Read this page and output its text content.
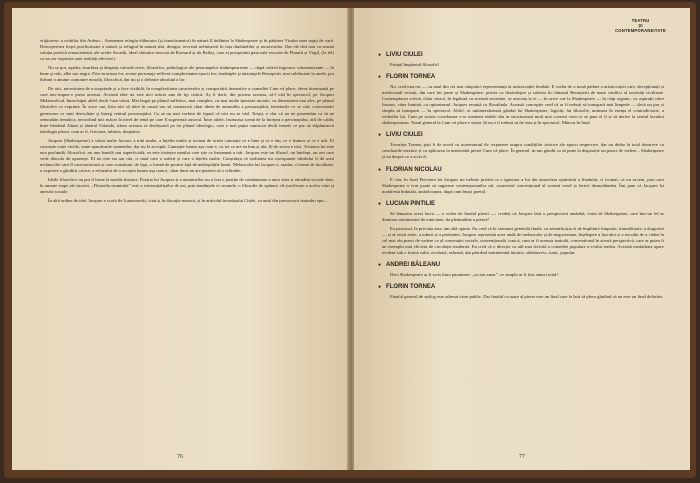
vrăjitoresc a codrilor din Ardeni... Asemenea refugiu eliberator (și transformator) în natură îl întâlnim la Shakespeare și în pădurea Visului unei nopți de vară. Descoperirea forței purificatoare a naturii și refugiul în natură sînt, desigur, reversul nelinișterii în fața rânduielilor și moravurilor. Dar ele sînt mai cu seamă soluția poetică renascentistă, ale acelei Arcadii, ideal stăruitor invocat de Ronsard și du Bellay, care ai prospețimi pastorale evocate de Plutarh și Virgil, (la fel) ca un zor expresia unei realități efective).

Nu se pot, aşadar, ierarhiza şi despărţi valorile etice, filozofice, psihologice ale personajelor shakespeareene — după criterii îngroase, schematizante — în bune şi rele, albe sau negre. Prin structura lor, aceste personaje reflectă complexitatea epocii lor; tendinţele şi năzuinţele Renaşterii, mai sublimiate la unele, pot înfrunt o anume conturare morală, filozofică, dar nu şi o definire absolută a lor.

De aici, necesitatea de a surprinde și a face vizibilă, în complexitatea caracterelor și comportării dramatice a comediei Cum vă place, ideea dominantă pe care neo-impus-o piesa aceasta. Această idee nu este nici măcar una de tip critică. Aș fi dorit, din pricina aceasta, să-l văd în spectacol, pe Jacques Melancolicul, întruchipat altfel decât l-am văzut. Mai bogat pe planul sufletesc, mai complex, cu mai multe ipostaze morale, cu dimensiuni mai ales, pe planul filozofiei ce exprimă. În orice caz, lista nici să intre în cauză sau să contrazică chiar ideea de ansamblu a personajului, temeiurile ce se văd, concretizări generoase ce sunt dezvoltate și întreg centrul personajului. Ca să nu mai vorbim de faptul că nici nu se văd. Totuși, e clar că nu ne prezentăm ca să ne semnalăm tematica, neocolind nici măcar la nivel de temă pe care îl sugerează autorul. Între altele, frumoasa scenă de la început a personajului, atît de caldă, între bătrânul Adam și tânărul Orlando, ideea aceasta se desfășoară pe tot planul ideologic, care e mai puțin cunoscut decât temele ce par să stăpânească ideologia piesei, cum ar fi, fericirea, iubirea, dreptatea.

Jacques (Shakespeare) a văzut multe lucruri, a trăit multe, a înțeles multe și tocmai de aceea cunoaște ce e bine și ce e rău, ce e frumos și ce e urît. El cunoaște toate viciile, toate apucăturile oamenilor, dar nu le acceptă. Cunoaște lumea așa cum e, cu tot ce are ea bun și rău. Și de aceea e trist. Tristețea lui este una profundă, filozofică, nu una banală sau superficială; ea este tristețea omului care știe ce înseamnă a trăi. Jacques este un filozof, un înțelept, un om care vede dincolo de aparențe. El nu este un om rău, ci unul care a suferit și care a înțeles multe. Conștiința că realitatea nu corespunde idealului îi dă acea melancolie care îl caracterizează și care constituie, de fapt, o formă de protest față de nedreptățile lumii. Melancolia lui Jacques e, așadar, o formă de luciditate, o expresie a gândirii critice, a refuzului de a accepta lumea așa cum e, chiar dacă nu are puterea să o schimbe.

Ideile filozofice nu pot fi lesne la modul abstract. Poziția lui Jacques și a umanistilor nu a fost o poziție de condamnare a unor stări și atitudini sociale date, în anume etape ale istoriei. „Filozofia neantului” este a existențialiștilor de azi, prin tendințele ei secunde, o filozofie de apărare, de justificare a acelor stări și anexări sociale.

În altă ordine de idei, Jacques e scotit de Lunacearski, citat și în discuția noastră, și în articolul tovarășului Ciulei, ca unul din precursorii teatrului epic...

76
TEATRU
ȘI
CONTEMPORANEITATE
● LIVIU CIULEI

Prințul împăratul filozofic!.

● FLORIN TORNEA

Nu, cred mai rar — cu unul din cei mai simpatici reprezentanți ai aristocrației feudale. E vorba de o nouă pădure a aristocrației care, decepționați și intelectuali versați, din care fac parte și Shakespeare, privea cu desăvârșire și suferea în climatul Renașterii de mare conflict al societăți civilizate. Contemplarea critică, chiar cinică, în legătură cu această societate, se asociau la ei — în orice caz la Shakespeare — în chip organic, cu aspirații către frumos, către lumină, cu optimismul. Jacques reuniță cu Rosalinda. Această concepție cred că ar fi trebuit să transpară mai limpede — dacă nu pur și simplu să transpară — în spectacol. Altfel, se unilateralizează gândul lui Shakespeare, logiciți, lui filozofie, uniteaza în esența el contradictorie, a vederilor lui. Cum pe aceste coordonate s-ar asemeni etalele din ar structurează mult mai coerent ceea ce se pare el fi și să derive la sensul textului shakespearean. Tonul general la Cum vă place e senin. Și nu e fi trebuit să fie asta și în spectacol. Mărcur în final.

● LIVIU CIULEI

Tovarășe Tornea, poți fi de acord cu interesantul dv. expunere asupra condițiilor istorice ale epocii respective, dar nu dedar la total deoarece cu concluziile estetice și cu aplicarea la materialul piesei Cum vă place. În general, m-am gândit ca să pune la dispoziție un punct de vedere... Shakespeare și nu despre ce a scris el.

● FLORIAN NICOLAU

E clar, în final Pieceaea lui Jacques nu trebuie privită ca o ignorare a lui din atmosfera optimistă a finalului, ci tocmai, ca un accent, prin care Shakespeare a vrut poate să sugereze contemporanilor săi, caracterul convențional al acestui vesel și fericit deznodământ. Îmi pare că Jacques își manifestă îndoiala, amărăciunea, după cum înșiși poetul.

● LUCIAN PINTILIE

Să lămurim acest lucru — e vorba de finalul piesei —: credeți că Jacques lasă o perspectivă amărâtă, voită de Shakespeare, care într-un fel ar diminua sentimentul de tonicitate, de plenitudine a piesei?

Eu personal, în privința asta, am altă opinie. Eu cred că în viziunea generală finală, cu semnificația ei de împlinire timpurie, triumfătoare, a dragostei — și al vieții reale, a iubirii și a prieteniei, Jacques reprezintă acea undă de melancolie și de neguvernare, înțelegere a lucrului și a riscului de a cădea în cel mai rău punct de vedere ca al convenției sociale, convențională, tonică, cum ar fi aceasta teatrală, conventional în acestă perspectivă, care ar putea fi un exemplu mai eficient de circulație modernă. Eu cred că o direcție cu atît mai fericită a comediei populare a evului mediu. Această modalitate apare evident sub o formă cultă, evoluată, rafinată, dar păstrînd sentimentul intuitiv, sărbătoresc, tonic, popular.

● ANDREI BĂLEANU

Deci Shakespeare ar fi scris întro paranteze: „cu ton amar”, ce simplu ar fi fost atunci totul!

● FLORIN TORNEA

Finalul general de epilog este adresat către public. Dar finalul cu atare al piesei este un final care le lasă să plece gîndind că nu este un final definitiv.

77
